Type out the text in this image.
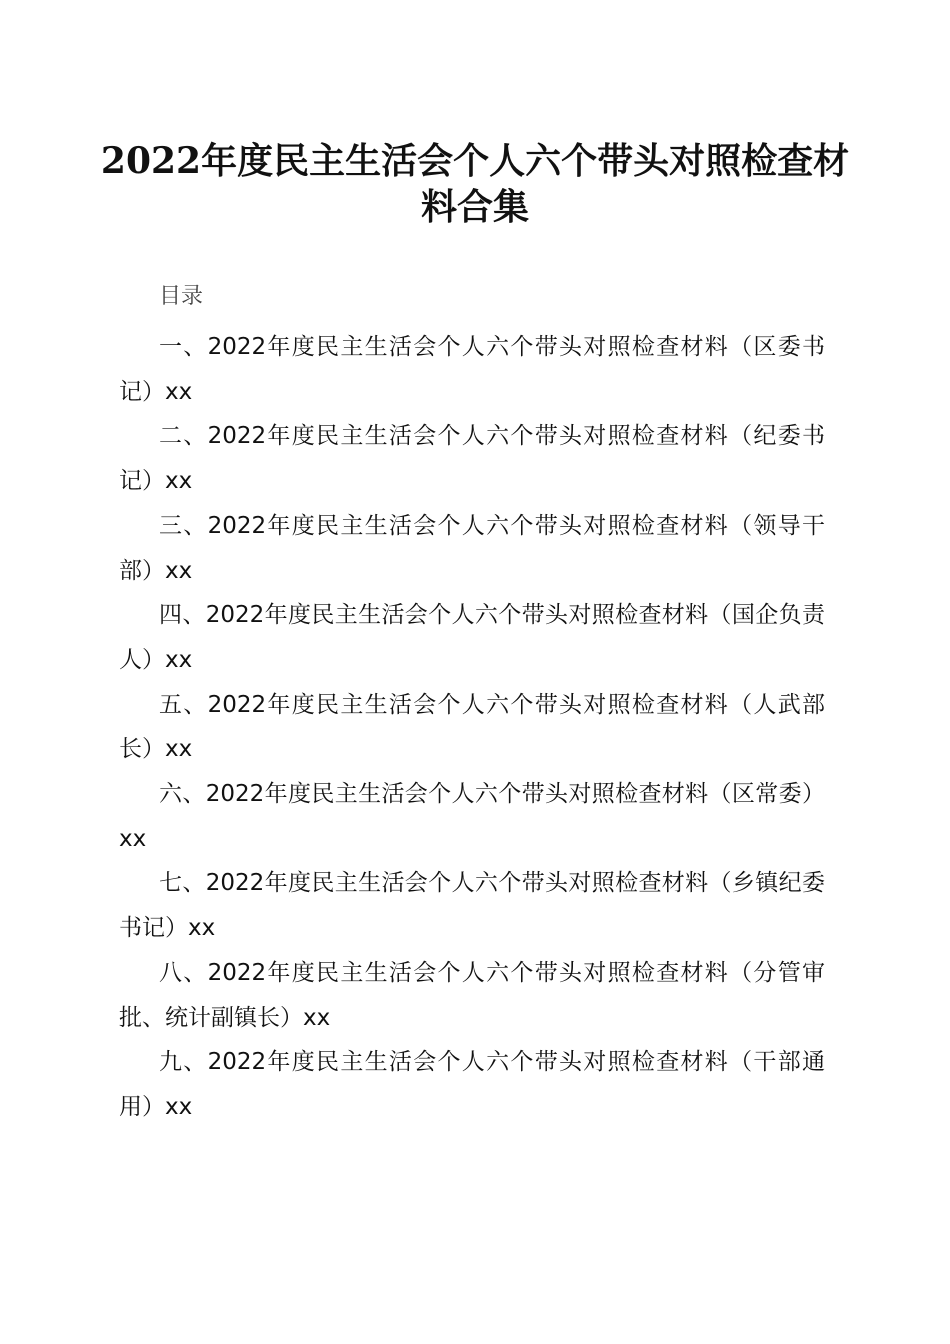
2022年度民主生活会个人六个带头对照检查材料合集
目录
一、2022年度民主生活会个人六个带头对照检查材料（区委书记）xx
二、2022年度民主生活会个人六个带头对照检查材料（纪委书记）xx
三、2022年度民主生活会个人六个带头对照检查材料（领导干部）xx
四、2022年度民主生活会个人六个带头对照检查材料（国企负责人）xx
五、2022年度民主生活会个人六个带头对照检查材料（人武部长）xx
六、2022年度民主生活会个人六个带头对照检查材料（区常委）xx
七、2022年度民主生活会个人六个带头对照检查材料（乡镇纪委书记）xx
八、2022年度民主生活会个人六个带头对照检查材料（分管审批、统计副镇长）xx
九、2022年度民主生活会个人六个带头对照检查材料（干部通用）xx
